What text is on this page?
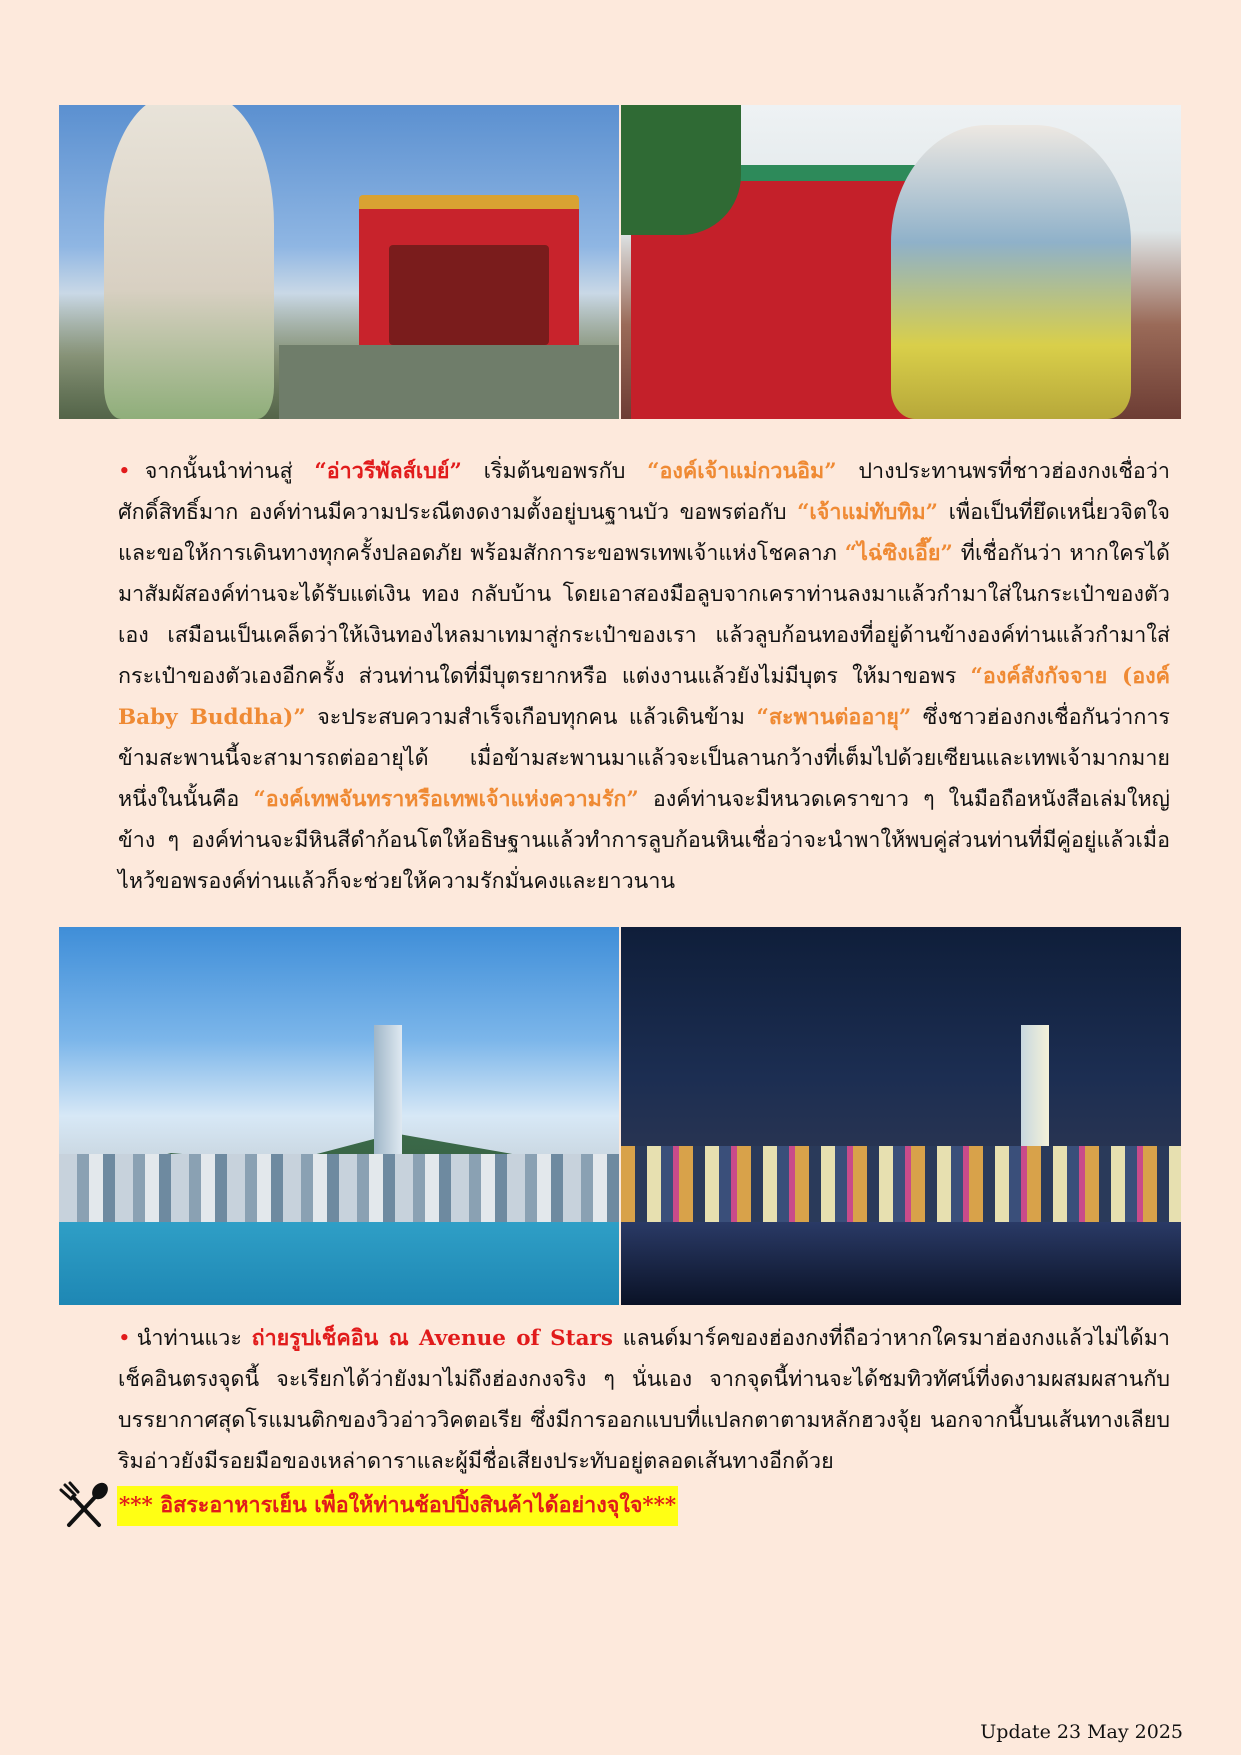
• จากนั้นนำท่านสู่ “อ่าวรีพัลส์เบย์” เริ่มต้นขอพรกับ “องค์เจ้าแม่กวนอิม” ปางประทานพรที่ชาวฮ่องกงเชื่อว่าศักดิ์สิทธิ์มาก องค์ท่านมีความประณีตงดงามตั้งอยู่บนฐานบัว ขอพรต่อกับ “เจ้าแม่ทับทิม” เพื่อเป็นที่ยึดเหนี่ยวจิตใจและขอให้การเดินทางทุกครั้งปลอดภัย พร้อมสักการะขอพรเทพเจ้าแห่งโชคลาภ “ไฉ่ซิงเอี๊ย” ที่เชื่อกันว่า หากใครได้มาสัมผัสองค์ท่านจะได้รับแต่เงิน ทอง กลับบ้าน โดยเอาสองมือลูบจากเคราท่านลงมาแล้วกำมาใส่ในกระเป๋าของตัวเอง เสมือนเป็นเคล็ดว่าให้เงินทองไหลมาเทมาสู่กระเป๋าของเรา แล้วลูบก้อนทองที่อยู่ด้านข้างองค์ท่านแล้วกำมาใส่กระเป๋าของตัวเองอีกครั้ง ส่วนท่านใดที่มีบุตรยากหรือ แต่งงานแล้วยังไม่มีบุตร ให้มาขอพร “องค์สังกัจจาย (องค์ Baby Buddha)” จะประสบความสำเร็จเกือบทุกคน แล้วเดินข้าม “สะพานต่ออายุ” ซึ่งชาวฮ่องกงเชื่อกันว่าการข้ามสะพานนี้จะสามารถต่ออายุได้ เมื่อข้ามสะพานมาแล้วจะเป็นลานกว้างที่เต็มไปด้วยเซียนและเทพเจ้ามากมาย หนึ่งในนั้นคือ “องค์เทพจันทราหรือเทพเจ้าแห่งความรัก” องค์ท่านจะมีหนวดเคราขาว ๆ ในมือถือหนังสือเล่มใหญ่ข้าง ๆ องค์ท่านจะมีหินสีดำก้อนโตให้อธิษฐานแล้วทำการลูบก้อนหินเชื่อว่าจะนำพาให้พบคู่ส่วนท่านที่มีคู่อยู่แล้วเมื่อไหว้ขอพรองค์ท่านแล้วก็จะช่วยให้ความรักมั่นคงและยาวนาน

• นำท่านแวะ ถ่ายรูปเช็คอิน ณ Avenue of Stars แลนด์มาร์คของฮ่องกงที่ถือว่าหากใครมาฮ่องกงแล้วไม่ได้มาเช็คอินตรงจุดนี้ จะเรียกได้ว่ายังมาไม่ถึงฮ่องกงจริง ๆ นั่นเอง จากจุดนี้ท่านจะได้ชมทิวทัศน์ที่งดงามผสมผสานกับบรรยากาศสุดโรแมนติกของวิวอ่าววิคตอเรีย ซึ่งมีการออกแบบที่แปลกตาตามหลักฮวงจุ้ย นอกจากนี้บนเส้นทางเลียบริมอ่าวยังมีรอยมือของเหล่าดาราและผู้มีชื่อเสียงประทับอยู่ตลอดเส้นทางอีกด้วย

*** อิสระอาหารเย็น เพื่อให้ท่านช้อปปิ้งสินค้าได้อย่างจุใจ***
Update 23 May 2025
